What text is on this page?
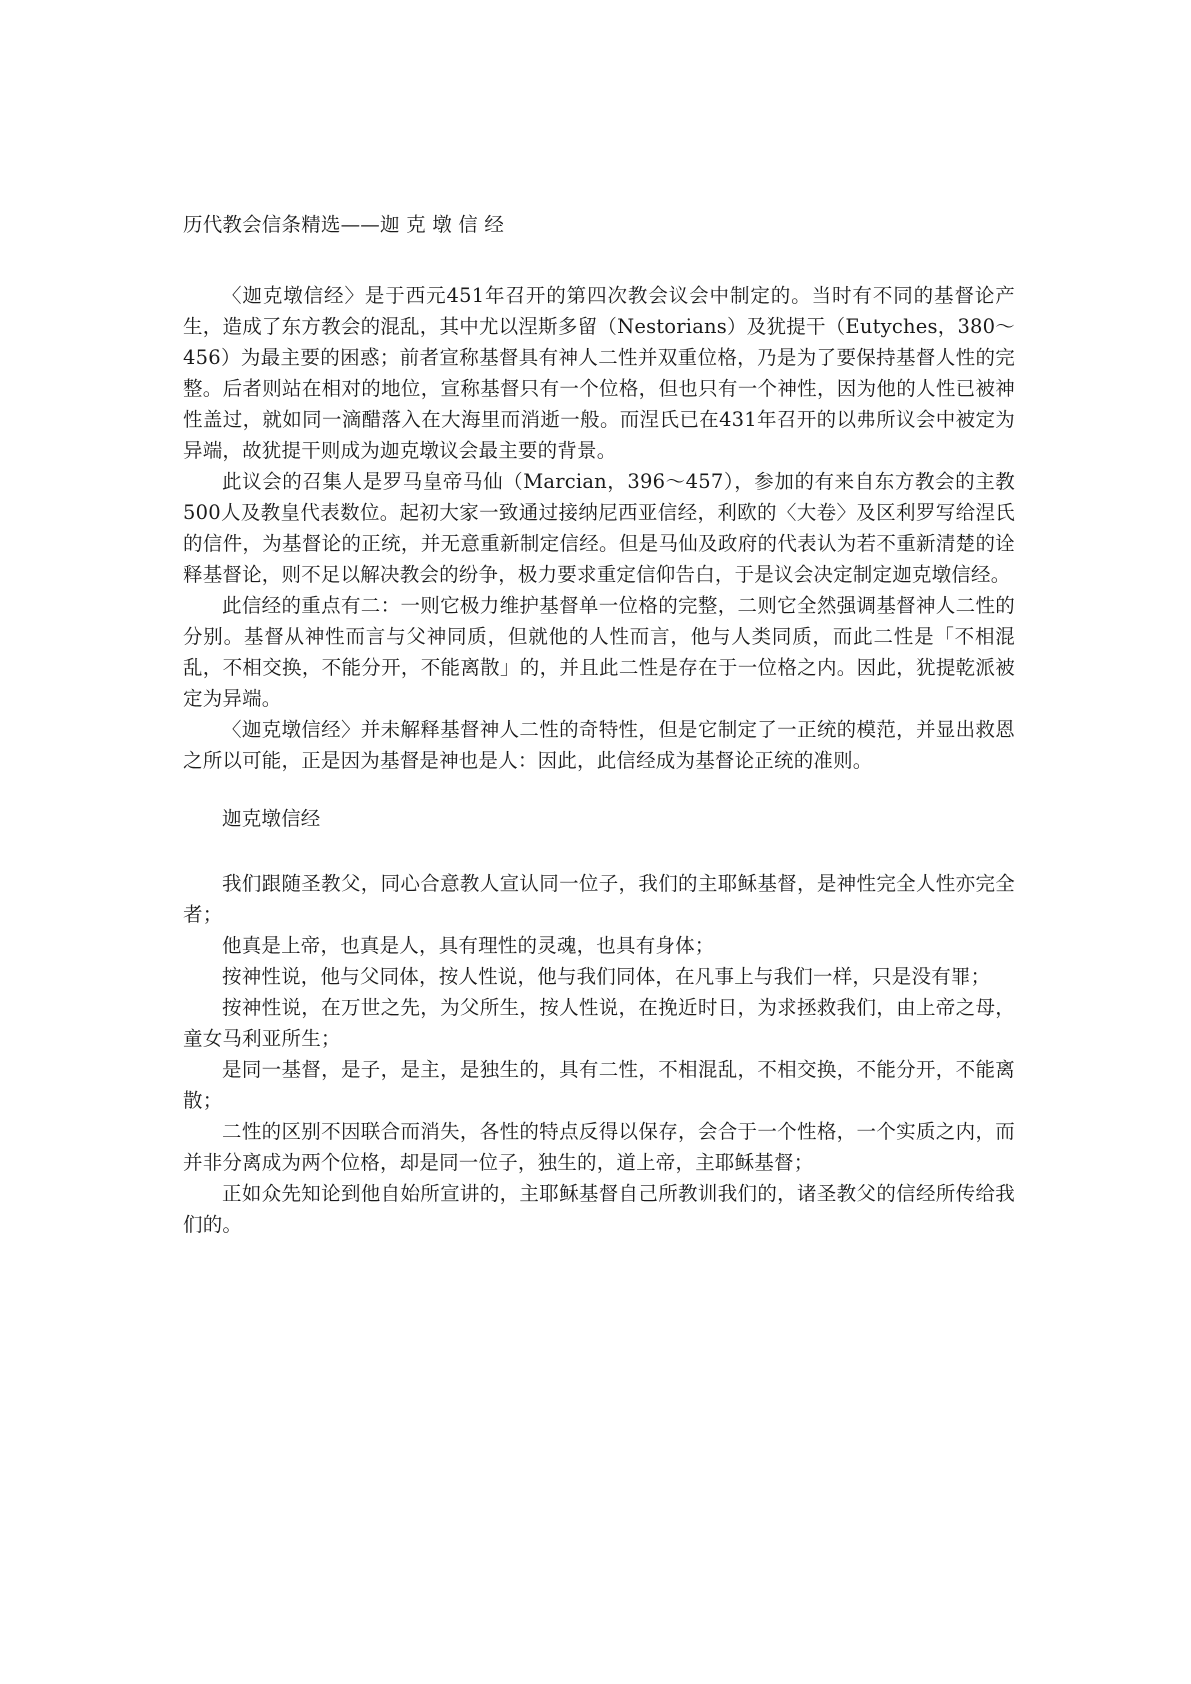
历代教会信条精选——迦 克 墩 信 经

〈迦克墩信经〉是于西元451年召开的第四次教会议会中制定的。当时有不同的基督论产生，造成了东方教会的混乱，其中尤以涅斯多留（Nestorians）及犹提干（Eutyches，380～456）为最主要的困惑；前者宣称基督具有神人二性并双重位格，乃是为了要保持基督人性的完整。后者则站在相对的地位，宣称基督只有一个位格，但也只有一个神性，因为他的人性已被神性盖过，就如同一滴醋落入在大海里而消逝一般。而涅氏已在431年召开的以弗所议会中被定为异端，故犹提干则成为迦克墩议会最主要的背景。

此议会的召集人是罗马皇帝马仙（Marcian，396～457），参加的有来自东方教会的主教500人及教皇代表数位。起初大家一致通过接纳尼西亚信经，利欧的〈大卷〉及区利罗写给涅氏的信件，为基督论的正统，并无意重新制定信经。但是马仙及政府的代表认为若不重新清楚的诠释基督论，则不足以解决教会的纷争，极力要求重定信仰告白，于是议会决定制定迦克墩信经。

此信经的重点有二：一则它极力维护基督单一位格的完整，二则它全然强调基督神人二性的分别。基督从神性而言与父神同质，但就他的人性而言，他与人类同质，而此二性是「不相混乱，不相交换，不能分开，不能离散」的，并且此二性是存在于一位格之内。因此，犹提乾派被定为异端。

〈迦克墩信经〉并未解释基督神人二性的奇特性，但是它制定了一正统的模范，并显出救恩之所以可能，正是因为基督是神也是人：因此，此信经成为基督论正统的准则。

迦克墩信经

我们跟随圣教父，同心合意教人宣认同一位子，我们的主耶稣基督，是神性完全人性亦完全者；

他真是上帝，也真是人，具有理性的灵魂，也具有身体；

按神性说，他与父同体，按人性说，他与我们同体，在凡事上与我们一样，只是没有罪；

按神性说，在万世之先，为父所生，按人性说，在挽近时日，为求拯救我们，由上帝之母，童女马利亚所生；

是同一基督，是子，是主，是独生的，具有二性，不相混乱，不相交换，不能分开，不能离散；

二性的区别不因联合而消失，各性的特点反得以保存，会合于一个性格，一个实质之内，而并非分离成为两个位格，却是同一位子，独生的，道上帝，主耶稣基督；

正如众先知论到他自始所宣讲的，主耶稣基督自己所教训我们的，诸圣教父的信经所传给我们的。
